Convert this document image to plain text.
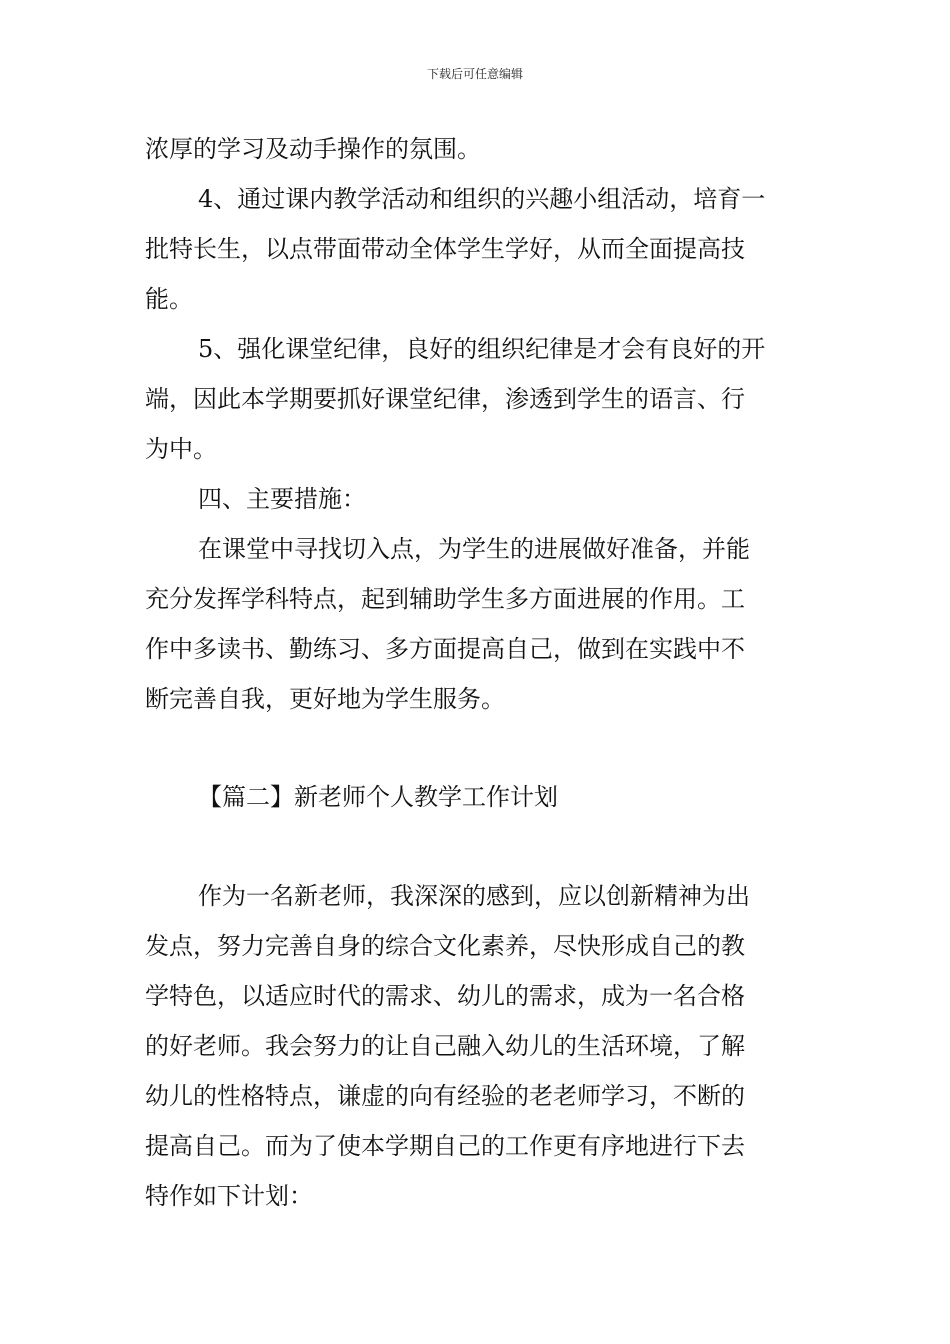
下载后可任意编辑
浓厚的学习及动手操作的氛围。
4、通过课内教学活动和组织的兴趣小组活动，培育一
批特长生，以点带面带动全体学生学好，从而全面提高技
能。
5、强化课堂纪律，良好的组织纪律是才会有良好的开
端，因此本学期要抓好课堂纪律，渗透到学生的语言、行
为中。
四、主要措施：
在课堂中寻找切入点，为学生的进展做好准备，并能
充分发挥学科特点，起到辅助学生多方面进展的作用。工
作中多读书、勤练习、多方面提高自己，做到在实践中不
断完善自我，更好地为学生服务。
【篇二】新老师个人教学工作计划
作为一名新老师，我深深的感到，应以创新精神为出
发点，努力完善自身的综合文化素养，尽快形成自己的教
学特色，以适应时代的需求、幼儿的需求，成为一名合格
的好老师。我会努力的让自己融入幼儿的生活环境，了解
幼儿的性格特点，谦虚的向有经验的老老师学习，不断的
提高自己。而为了使本学期自己的工作更有序地进行下去
特作如下计划：
